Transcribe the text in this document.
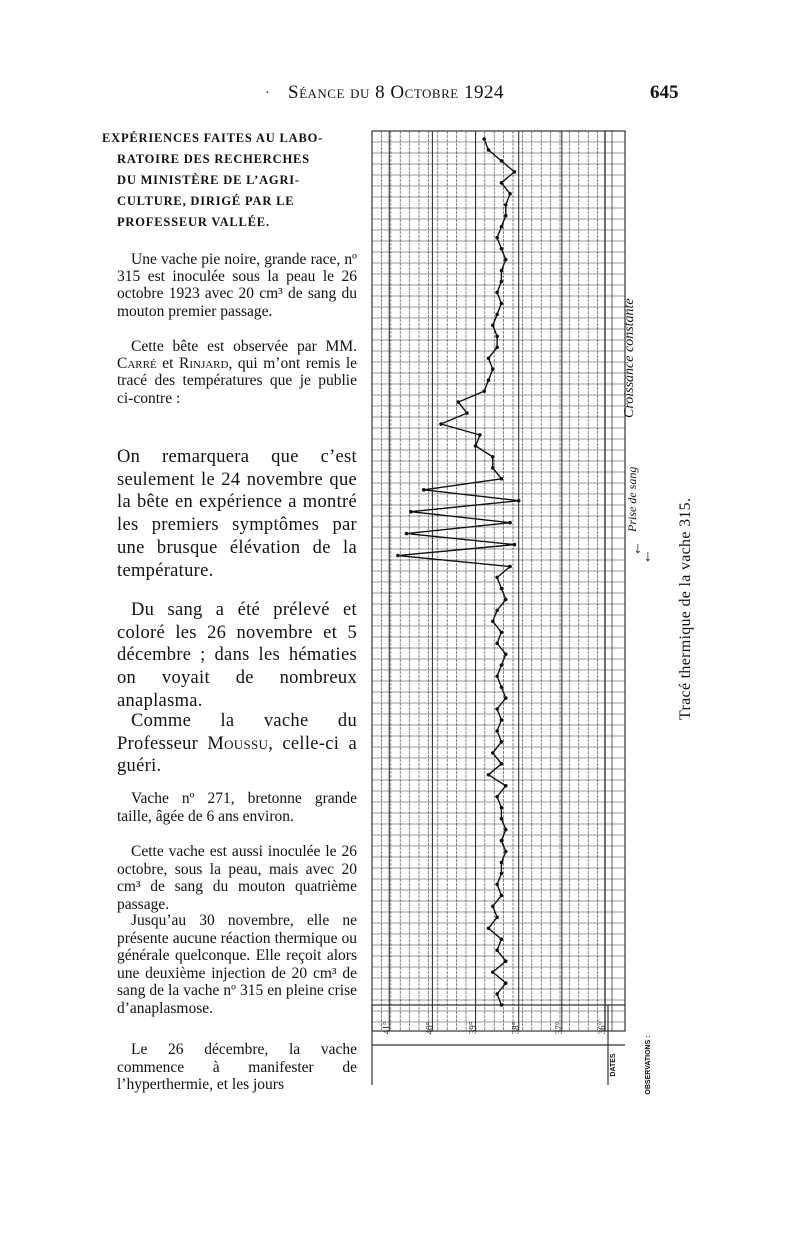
· Séance du 8 Octobre 1924	645
EXPÉRIENCES FAITES AU LABO-
RATOIRE DES RECHERCHES
DU MINISTÈRE DE L’AGRI-
CULTURE, DIRIGÉ PAR LE
PROFESSEUR VALLÉE.
Une vache pie noire, grande race, nº 315 est inoculée sous la peau le 26 octobre 1923 avec 20 cm³ de sang du mouton premier passage.
Cette bête est observée par MM. Carré et Rinjard, qui m’ont remis le tracé des températures que je publie ci-contre :
On remarquera que c’est seulement le 24 novembre que la bête en expérience a montré les premiers symptômes par une brusque élévation de la température.
Du sang a été prélevé et coloré les 26 novembre et 5 décembre ; dans les hématies on voyait de nombreux anaplasma.
Comme la vache du Professeur Moussu, celle-ci a guéri.
Vache nº 271, bretonne grande taille, âgée de 6 ans environ.
Cette vache est aussi inoculée le 26 octobre, sous la peau, mais avec 20 cm³ de sang du mouton quatrième passage.
Jusqu’au 30 novembre, elle ne présente aucune réaction thermique ou générale quelconque. Elle reçoit alors une deuxième injection de 20 cm³ de sang de la vache nº 315 en pleine crise d’anaplasmose.
Le 26 décembre, la vache commence à manifester de l’hyperthermie, et les jours
41°	40°	39°	38°	37°	36°
DATES	OBSERVATIONS :
Croissance constante
Prise de sang
↓ ↓ Tracé thermique de la vache 315.
